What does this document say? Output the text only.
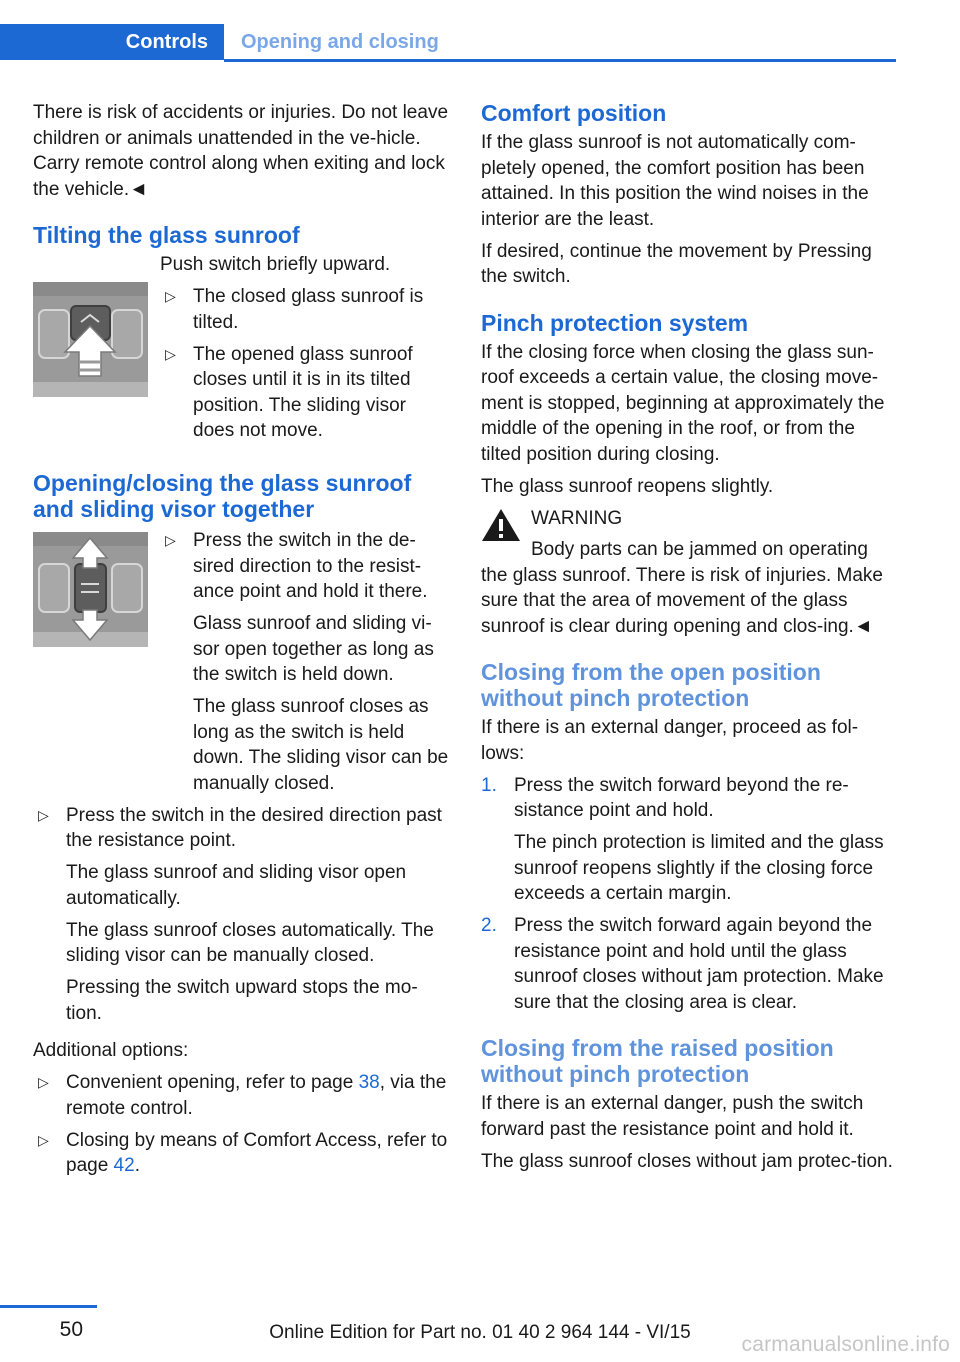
Controls	Opening and closing

There is risk of accidents or injuries. Do not leave children or animals unattended in the ve-hicle. Carry remote control along when exiting and lock the vehicle.◄

Tilting the glass sunroof

Push switch briefly upward.

▷ The closed glass sunroof is tilted.
▷ The opened glass sunroof closes until it is in its tilted position. The sliding visor does not move.
Opening/closing the glass sunroof and sliding visor together
▷ Press the switch in the de-sired direction to the resist-ance point and hold it there.

Glass sunroof and sliding vi-sor open together as long as the switch is held down.

The glass sunroof closes as long as the switch is held down. The sliding visor can be manually closed.

▷ Press the switch in the desired direction past the resistance point.

The glass sunroof and sliding visor open automatically.

The glass sunroof closes automatically. The sliding visor can be manually closed.

Pressing the switch upward stops the mo-tion.

Additional options:

▷ Convenient opening, refer to page 38, via the remote control.
▷ Closing by means of Comfort Access, refer to page 42.
Comfort position

If the glass sunroof is not automatically com-pletely opened, the comfort position has been attained. In this position the wind noises in the interior are the least.

If desired, continue the movement by Pressing the switch.

Pinch protection system

If the closing force when closing the glass sun-roof exceeds a certain value, the closing move-ment is stopped, beginning at approximately the middle of the opening in the roof, or from the tilted position during closing.

The glass sunroof reopens slightly.

WARNING

Body parts can be jammed on operating

the glass sunroof. There is risk of injuries. Make sure that the area of movement of the glass sunroof is clear during opening and clos-ing.◄

Closing from the open position without pinch protection

If there is an external danger, proceed as fol-lows:

1. Press the switch forward beyond the re-sistance point and hold.

The pinch protection is limited and the glass sunroof reopens slightly if the closing force exceeds a certain margin.

2. Press the switch forward again beyond the resistance point and hold until the glass sunroof closes without jam protection. Make sure that the closing area is clear.

Closing from the raised position without pinch protection

If there is an external danger, push the switch forward past the resistance point and hold it.

The glass sunroof closes without jam protec-tion.

50	Online Edition for Part no. 01 40 2 964 144 - VI/15
carmanualsonline.info
